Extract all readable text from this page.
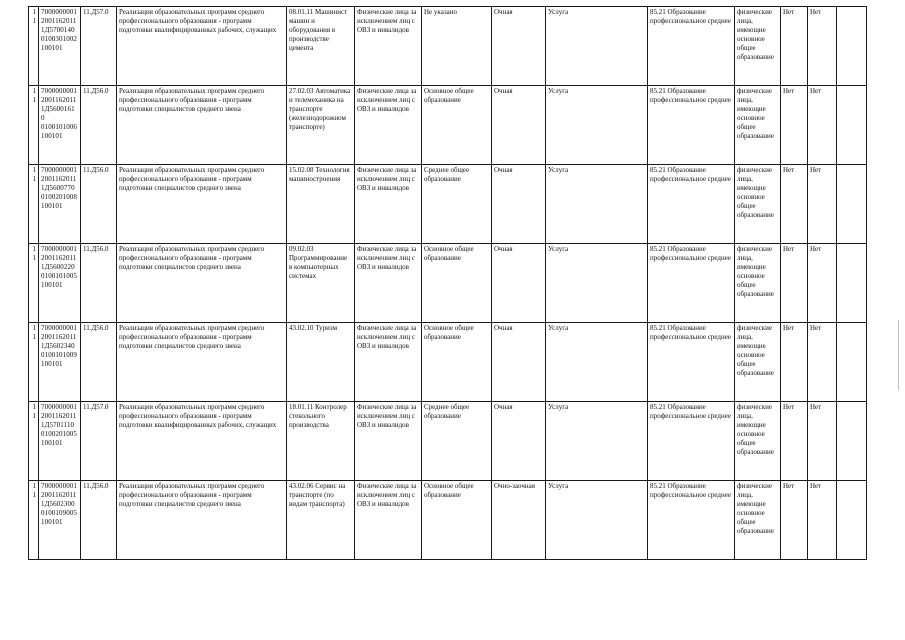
11	7000000001 2001162011 1Д5700140 0100301002 100101	11.Д57.0	Реализация образовательных программ среднего профессионального образования - программ подготовки квалифицированных рабочих, служащих	08.01.11 Машинист машин и оборудования в производстве цемента	Физические лица за исключением лиц с ОВЗ и инвалидов	Не указано	Очная	Услуга	85.21 Образование профессиональное среднее	физические лица, имеющие основное общее образование	Нет	Нет	
11	7000000001 2001162011 1Д56001610 0100101006 100101	11.Д56.0	Реализация образовательных программ среднего профессионального образования - программ подготовки специалистов среднего звена	27.02.03 Автоматика и телемеханика на транспорте (железнодорожном транспорте)	Физические лица за исключением лиц с ОВЗ и инвалидов	Основное общее образование	Очная	Услуга	85.21 Образование профессиональное среднее	физические лица, имеющие основное общее образование	Нет	Нет	
11	7000000001 2001162011 1Д5600770 0100201008 100101	11.Д56.0	Реализация образовательных программ среднего профессионального образования - программ подготовки специалистов среднего звена	15.02.08 Технология машиностроения	Физические лица за исключением лиц с ОВЗ и инвалидов	Среднее общее образование	Очная	Услуга	85.21 Образование профессиональное среднее	физические лица, имеющие основное общее образование	Нет	Нет	
11	7000000001 2001162011 1Д5600220 0100101005 100101	11.Д56.0	Реализация образовательных программ среднего профессионального образования - программ подготовки специалистов среднего звена	09.02.03 Программирование в компьютерных системах	Физические лица за исключением лиц с ОВЗ и инвалидов	Основное общее образование	Очная	Услуга	85.21 Образование профессиональное среднее	физические лица, имеющие основное общее образование	Нет	Нет	
11	7000000001 2001162011 1Д5602340 0100101009 100101	11.Д56.0	Реализация образовательных программ среднего профессионального образования - программ подготовки специалистов среднего звена	43.02.10 Туризм	Физические лица за исключением лиц с ОВЗ и инвалидов	Основное общее образование	Очная	Услуга	85.21 Образование профессиональное среднее	физические лица, имеющие основное общее образование	Нет	Нет	
11	7000000001 2001162011 1Д5701110 0100201005 100101	11.Д57.0	Реализация образовательных программ среднего профессионального образования - программ подготовки квалифицированных рабочих, служащих	18.01.11 Контролер стекольного производства	Физические лица за исключением лиц с ОВЗ и инвалидов	Среднее общее образование	Очная	Услуга	85.21 Образование профессиональное среднее	физические лица, имеющие основное общее образование	Нет	Нет	
11	7000000001 2001162011 1Д5602300 0100109005 100101	11.Д56.0	Реализация образовательных программ среднего профессионального образования - программ подготовки специалистов среднего звена	43.02.06 Сервис на транспорте (по видам транспорта)	Физические лица за исключением лиц с ОВЗ и инвалидов	Основное общее образование	Очно-заочная	Услуга	85.21 Образование профессиональное среднее	физические лица, имеющие основное общее образование	Нет	Нет	
